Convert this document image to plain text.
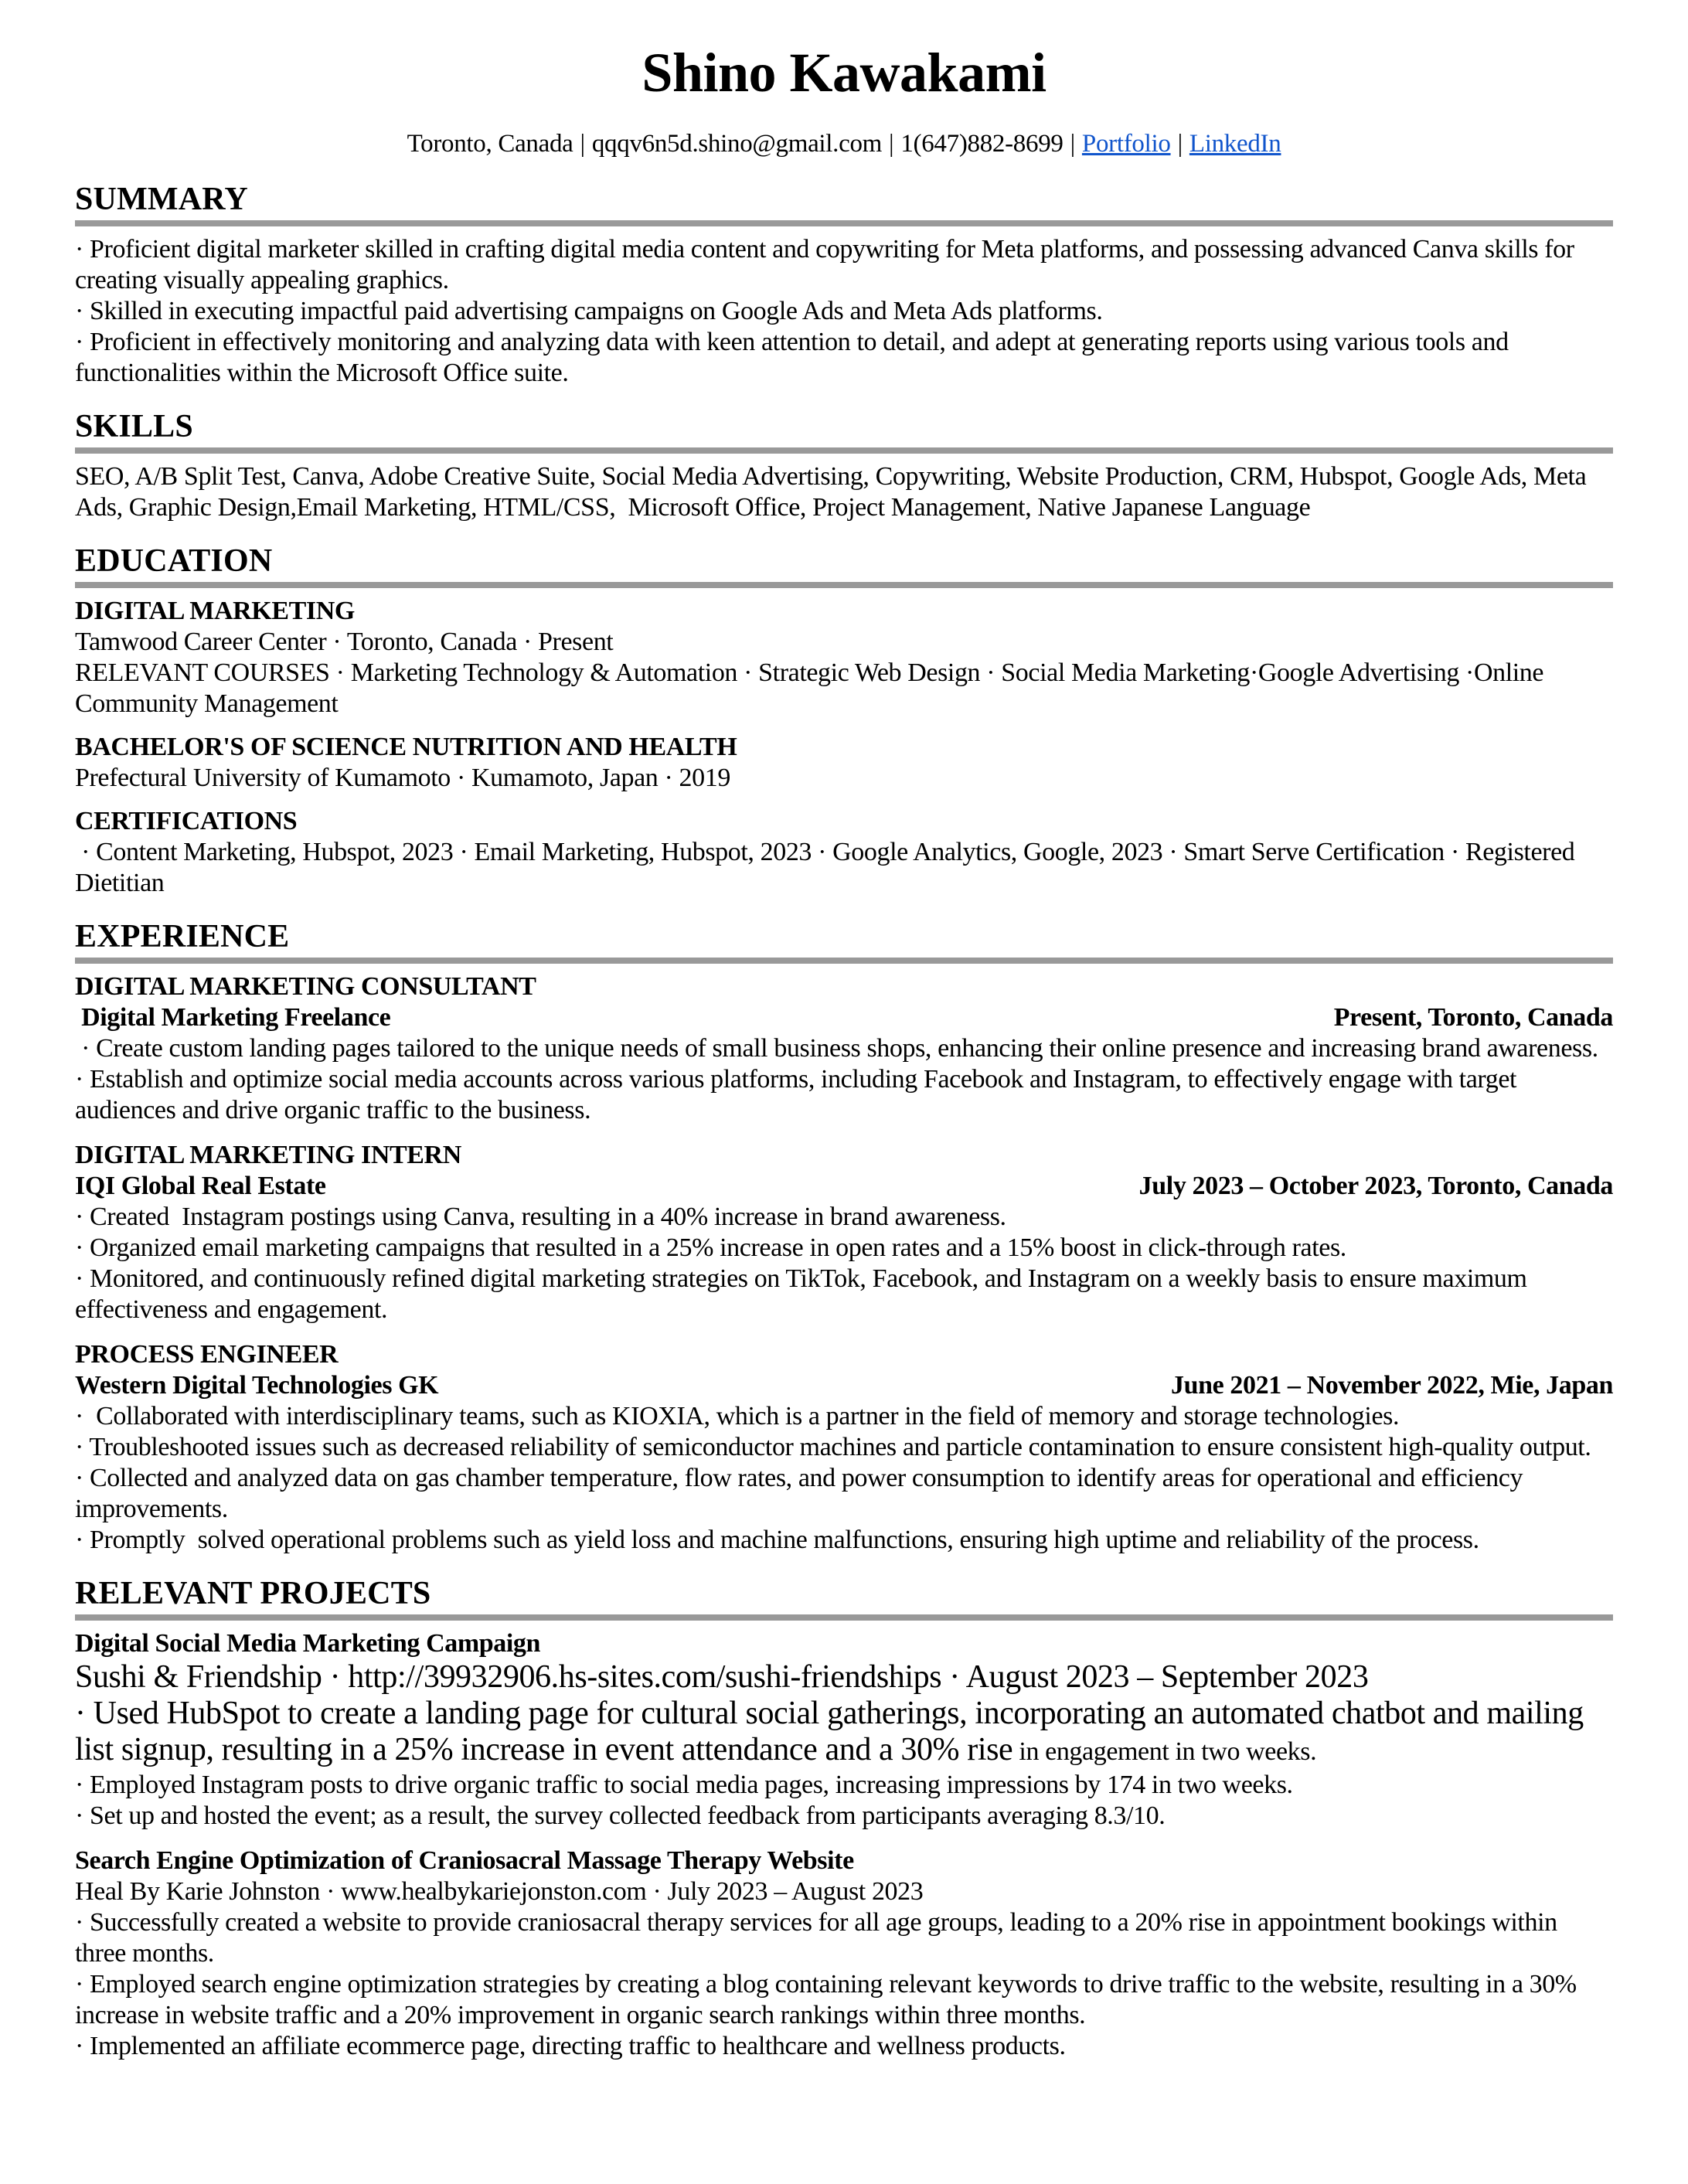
Shino Kawakami
Toronto, Canada | qqqv6n5d.shino@gmail.com | 1(647)882-8699 | Portfolio | LinkedIn
SUMMARY

· Proficient digital marketer skilled in crafting digital media content and copywriting for Meta platforms, and possessing advanced Canva skills for creating visually appealing graphics.

· Skilled in executing impactful paid advertising campaigns on Google Ads and Meta Ads platforms.

· Proficient in effectively monitoring and analyzing data with keen attention to detail, and adept at generating reports using various tools and functionalities within the Microsoft Office suite.

SKILLS

SEO, A/B Split Test, Canva, Adobe Creative Suite, Social Media Advertising, Copywriting, Website Production, CRM, Hubspot, Google Ads, Meta Ads, Graphic Design,Email Marketing, HTML/CSS,  Microsoft Office, Project Management, Native Japanese Language

EDUCATION

DIGITAL MARKETING

Tamwood Career Center · Toronto, Canada · Present

RELEVANT COURSES · Marketing Technology & Automation · Strategic Web Design · Social Media Marketing·Google Advertising ·Online Community Management

BACHELOR'S OF SCIENCE NUTRITION AND HEALTH

Prefectural University of Kumamoto · Kumamoto, Japan · 2019

CERTIFICATIONS

· Content Marketing, Hubspot, 2023 · Email Marketing, Hubspot, 2023 · Google Analytics, Google, 2023 · Smart Serve Certification · Registered Dietitian

EXPERIENCE

DIGITAL MARKETING CONSULTANT

Digital Marketing Freelance	Present, Toronto, Canada

· Create custom landing pages tailored to the unique needs of small business shops, enhancing their online presence and increasing brand awareness.

· Establish and optimize social media accounts across various platforms, including Facebook and Instagram, to effectively engage with target audiences and drive organic traffic to the business.

DIGITAL MARKETING INTERN

IQI Global Real Estate	July 2023 – October 2023, Toronto, Canada

· Created  Instagram postings using Canva, resulting in a 40% increase in brand awareness.

· Organized email marketing campaigns that resulted in a 25% increase in open rates and a 15% boost in click-through rates.

· Monitored, and continuously refined digital marketing strategies on TikTok, Facebook, and Instagram on a weekly basis to ensure maximum effectiveness and engagement.

PROCESS ENGINEER

Western Digital Technologies GK	June 2021 – November 2022, Mie, Japan

·  Collaborated with interdisciplinary teams, such as KIOXIA, which is a partner in the field of memory and storage technologies.

· Troubleshooted issues such as decreased reliability of semiconductor machines and particle contamination to ensure consistent high-quality output.

· Collected and analyzed data on gas chamber temperature, flow rates, and power consumption to identify areas for operational and efficiency improvements.

· Promptly  solved operational problems such as yield loss and machine malfunctions, ensuring high uptime and reliability of the process.

RELEVANT PROJECTS

Digital Social Media Marketing Campaign

Sushi & Friendship · http://39932906.hs-sites.com/sushi-friendships · August 2023 – September 2023

· Used HubSpot to create a landing page for cultural social gatherings, incorporating an automated chatbot and mailing list signup, resulting in a 25% increase in event attendance and a 30% rise in engagement in two weeks.

· Employed Instagram posts to drive organic traffic to social media pages, increasing impressions by 174 in two weeks.

· Set up and hosted the event; as a result, the survey collected feedback from participants averaging 8.3/10.

Search Engine Optimization of Craniosacral Massage Therapy Website

Heal By Karie Johnston · www.healbykariejonston.com · July 2023 – August 2023

· Successfully created a website to provide craniosacral therapy services for all age groups, leading to a 20% rise in appointment bookings within three months.

· Employed search engine optimization strategies by creating a blog containing relevant keywords to drive traffic to the website, resulting in a 30% increase in website traffic and a 20% improvement in organic search rankings within three months.

· Implemented an affiliate ecommerce page, directing traffic to healthcare and wellness products.
